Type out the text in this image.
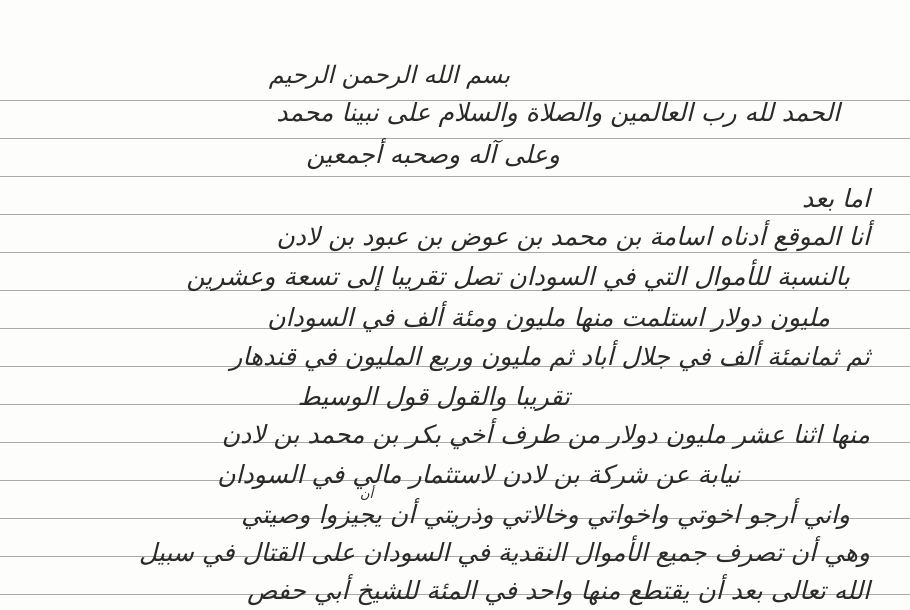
بسم الله الرحمن الرحيم

الحمد لله رب العالمين والصلاة والسلام على نبينا محمد

وعلى آله وصحبه أجمعين

اما بعد

أنا الموقع أدناه اسامة بن محمد بن عوض بن عبود بن لادن

بالنسبة للأموال التي في السودان تصل تقريبا إلى تسعة وعشرين

مليون دولار استلمت منها مليون ومئة ألف في السودان

ثم ثمانمئة ألف في جلال أباد ثم مليون وربع المليون في قندهار

تقريبا والقول قول الوسيط

منها اثنا عشر مليون دولار من طرف أخي بكر بن محمد بن لادن

نيابة عن شركة بن لادن لاستثمار مالي في السودان

واني أرجو اخوتي واخواتي وخالاتي وذريتي أن يجيزوا وصيتي

وهي أن تصرف جميع الأموال النقدية في السودان على القتال في سبيل

الله تعالى بعد أن يقتطع منها واحد في المئة للشيخ أبي حفص

أن
